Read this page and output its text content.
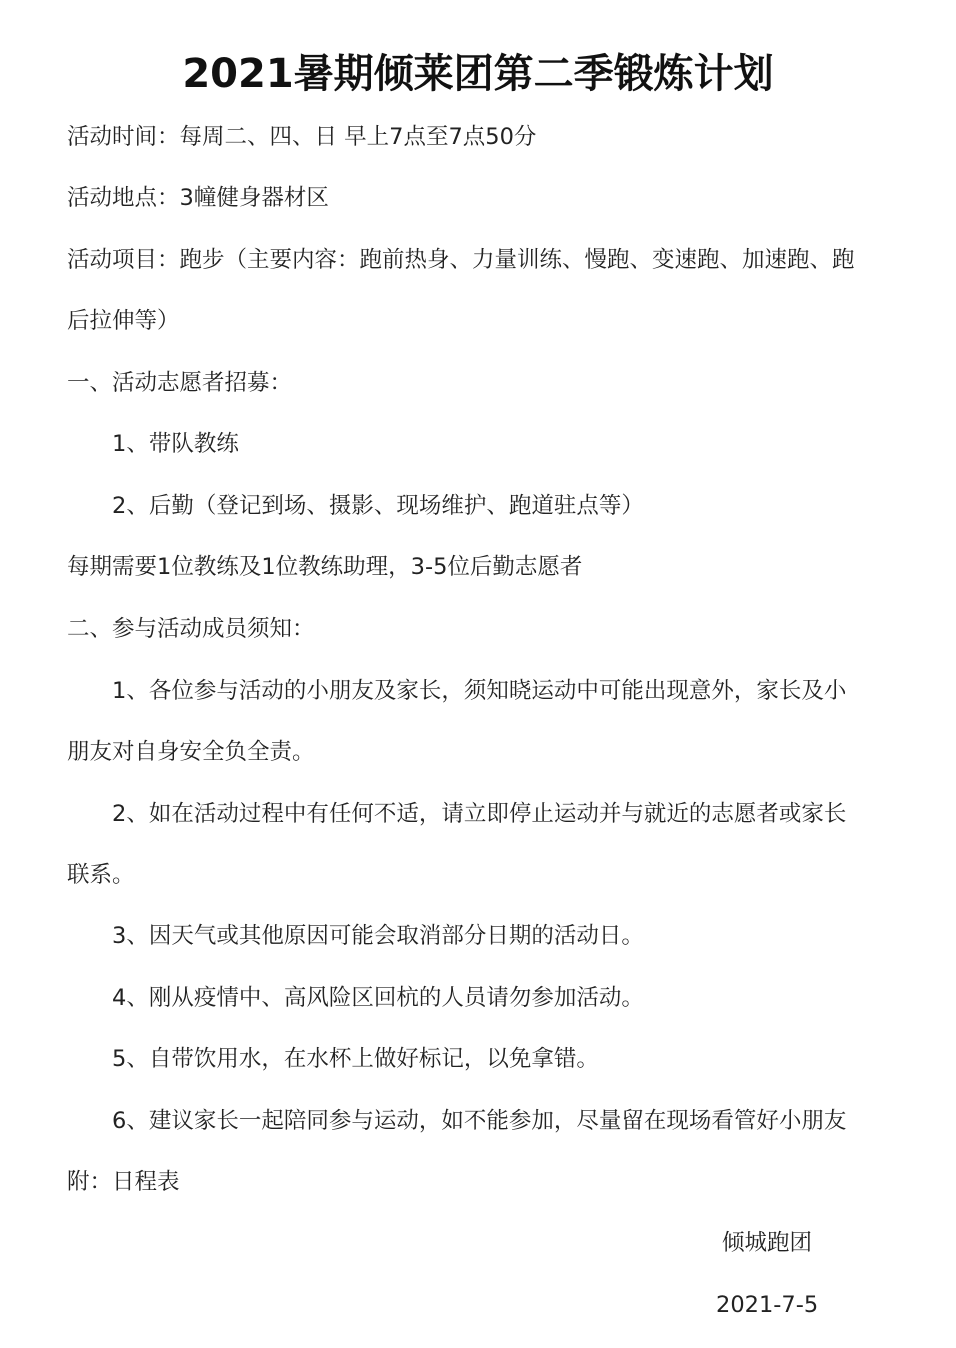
2021暑期倾莱团第二季锻炼计划
活动时间：每周二、四、日 早上7点至7点50分
活动地点：3幢健身器材区
活动项目：跑步（主要内容：跑前热身、力量训练、慢跑、变速跑、加速跑、跑
后拉伸等）
一、活动志愿者招募：
1、带队教练
2、后勤（登记到场、摄影、现场维护、跑道驻点等）
每期需要1位教练及1位教练助理，3-5位后勤志愿者
二、参与活动成员须知：
1、各位参与活动的小朋友及家长，须知晓运动中可能出现意外，家长及小
朋友对自身安全负全责。
2、如在活动过程中有任何不适，请立即停止运动并与就近的志愿者或家长
联系。
3、因天气或其他原因可能会取消部分日期的活动日。
4、刚从疫情中、高风险区回杭的人员请勿参加活动。
5、自带饮用水，在水杯上做好标记，以免拿错。
6、建议家长一起陪同参与运动，如不能参加，尽量留在现场看管好小朋友
附：日程表
倾城跑团
2021-7-5
